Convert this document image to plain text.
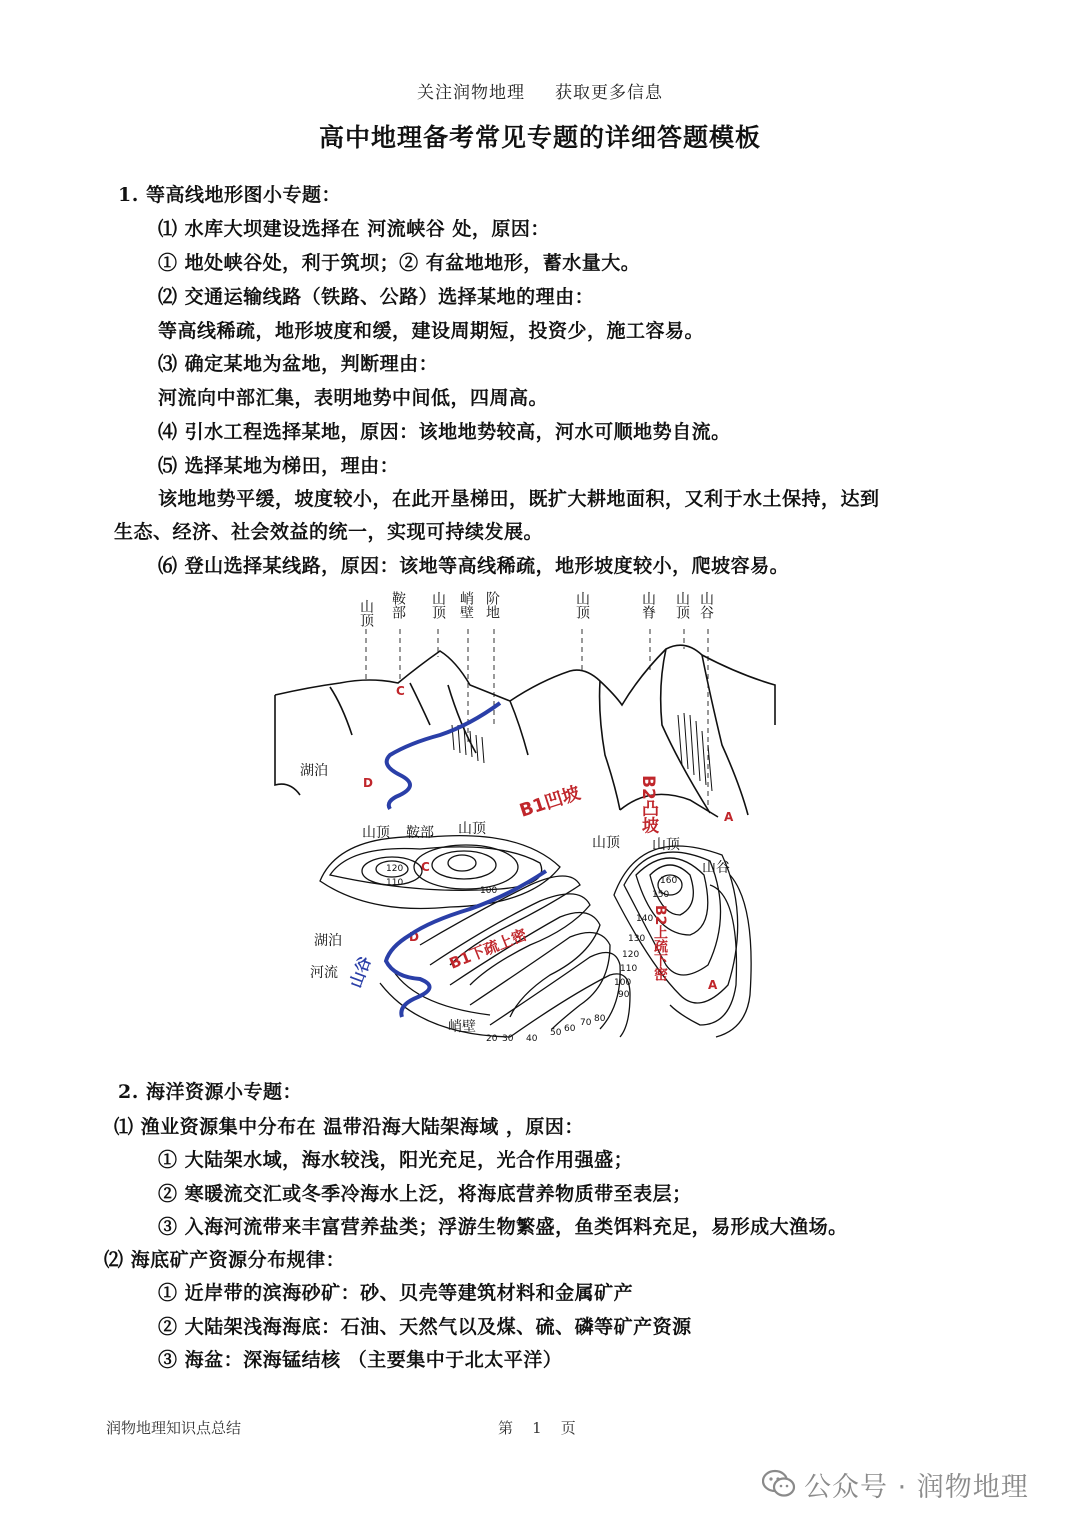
关注润物地理 获取更多信息
高中地理备考常见专题的详细答题模板
1. 等高线地形图小专题：
⑴ 水库大坝建设选择在 河流峡谷 处，原因：
① 地处峡谷处，利于筑坝；② 有盆地地形，蓄水量大。
⑵ 交通运输线路（铁路、公路）选择某地的理由：
等高线稀疏，地形坡度和缓，建设周期短，投资少，施工容易。
⑶ 确定某地为盆地，判断理由：
河流向中部汇集，表明地势中间低，四周高。
⑷ 引水工程选择某地，原因：该地地势较高，河水可顺地势自流。
⑸ 选择某地为梯田，理由：
该地地势平缓，坡度较小，在此开垦梯田，既扩大耕地面积，又利于水土保持，达到
生态、经济、社会效益的统一，实现可持续发展。
⑹ 登山选择某线路，原因：该地等高线稀疏，地形坡度较小，爬坡容易。
山顶 鞍部 山顶 峭壁 阶地	山顶	山脊 山顶 山谷
湖泊
C
D
A
C
D
A
B1凹坡	B2凸坡
山顶 鞍部 山顶
山顶 山顶
山谷
湖泊
河流
峭壁
120
110
100
160
150
140
130
120
110
100
90
20 30 40
50 60
70 80
B1下疏上密	B2上疏下密
山谷
2. 海洋资源小专题：
⑴ 渔业资源集中分布在 温带沿海大陆架海域 ，原因：
① 大陆架水域，海水较浅，阳光充足，光合作用强盛；
② 寒暖流交汇或冬季冷海水上泛，将海底营养物质带至表层；
③ 入海河流带来丰富营养盐类；浮游生物繁盛，鱼类饵料充足，易形成大渔场。
⑵ 海底矿产资源分布规律：
① 近岸带的滨海砂矿：砂、贝壳等建筑材料和金属矿产
② 大陆架浅海海底：石油、天然气以及煤、硫、磷等矿产资源
③ 海盆：深海锰结核 （主要集中于北太平洋）
润物地理知识点总结	第 1 页
公众号 · 润物地理
